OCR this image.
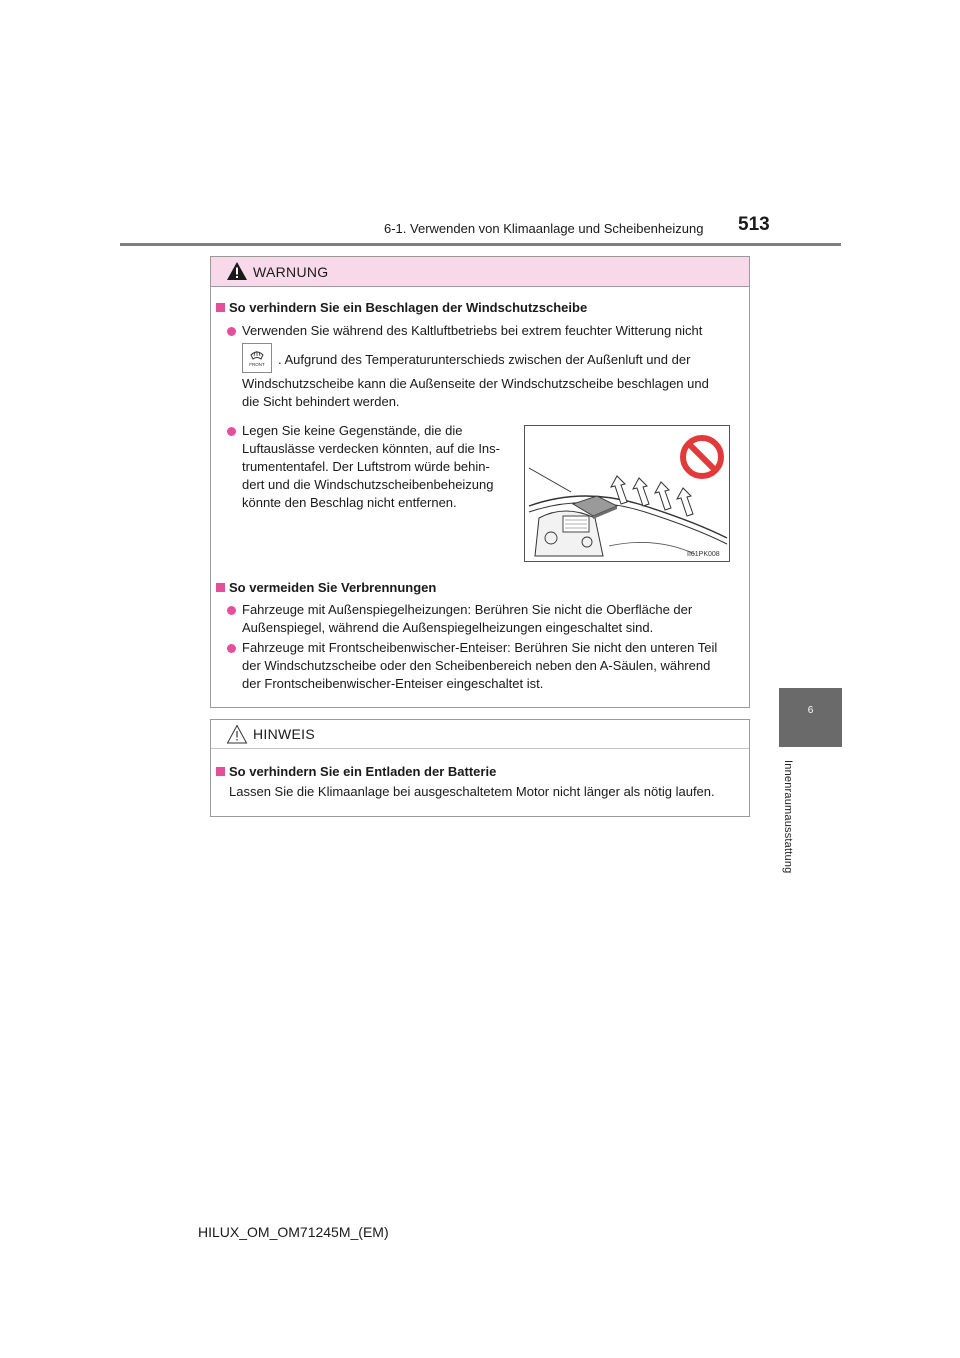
6-1. Verwenden von Klimaanlage und Scheibenheizung 513
6
Innenraumausstattung
WARNUNG
So verhindern Sie ein Beschlagen der Windschutzscheibe
Verwenden Sie während des Kaltluftbetriebs bei extrem feuchter Witterung nicht
FRONT . Aufgrund des Temperaturunterschieds zwischen der Außenluft und der
Windschutzscheibe kann die Außenseite der Windschutzscheibe beschlagen und
die Sicht behindert werden.
Legen Sie keine Gegenstände, die die
Luftauslässe verdecken könnten, auf die Ins-
trumententafel. Der Luftstrom würde behin-
dert und die Windschutzscheibenbeheizung
könnte den Beschlag nicht entfernen.
II61PK008
So vermeiden Sie Verbrennungen
Fahrzeuge mit Außenspiegelheizungen: Berühren Sie nicht die Oberfläche der
Außenspiegel, während die Außenspiegelheizungen eingeschaltet sind.
Fahrzeuge mit Frontscheibenwischer-Enteiser: Berühren Sie nicht den unteren Teil
der Windschutzscheibe oder den Scheibenbereich neben den A-Säulen, während
der Frontscheibenwischer-Enteiser eingeschaltet ist.
HINWEIS
So verhindern Sie ein Entladen der Batterie
Lassen Sie die Klimaanlage bei ausgeschaltetem Motor nicht länger als nötig laufen.
HILUX_OM_OM71245M_(EM)
